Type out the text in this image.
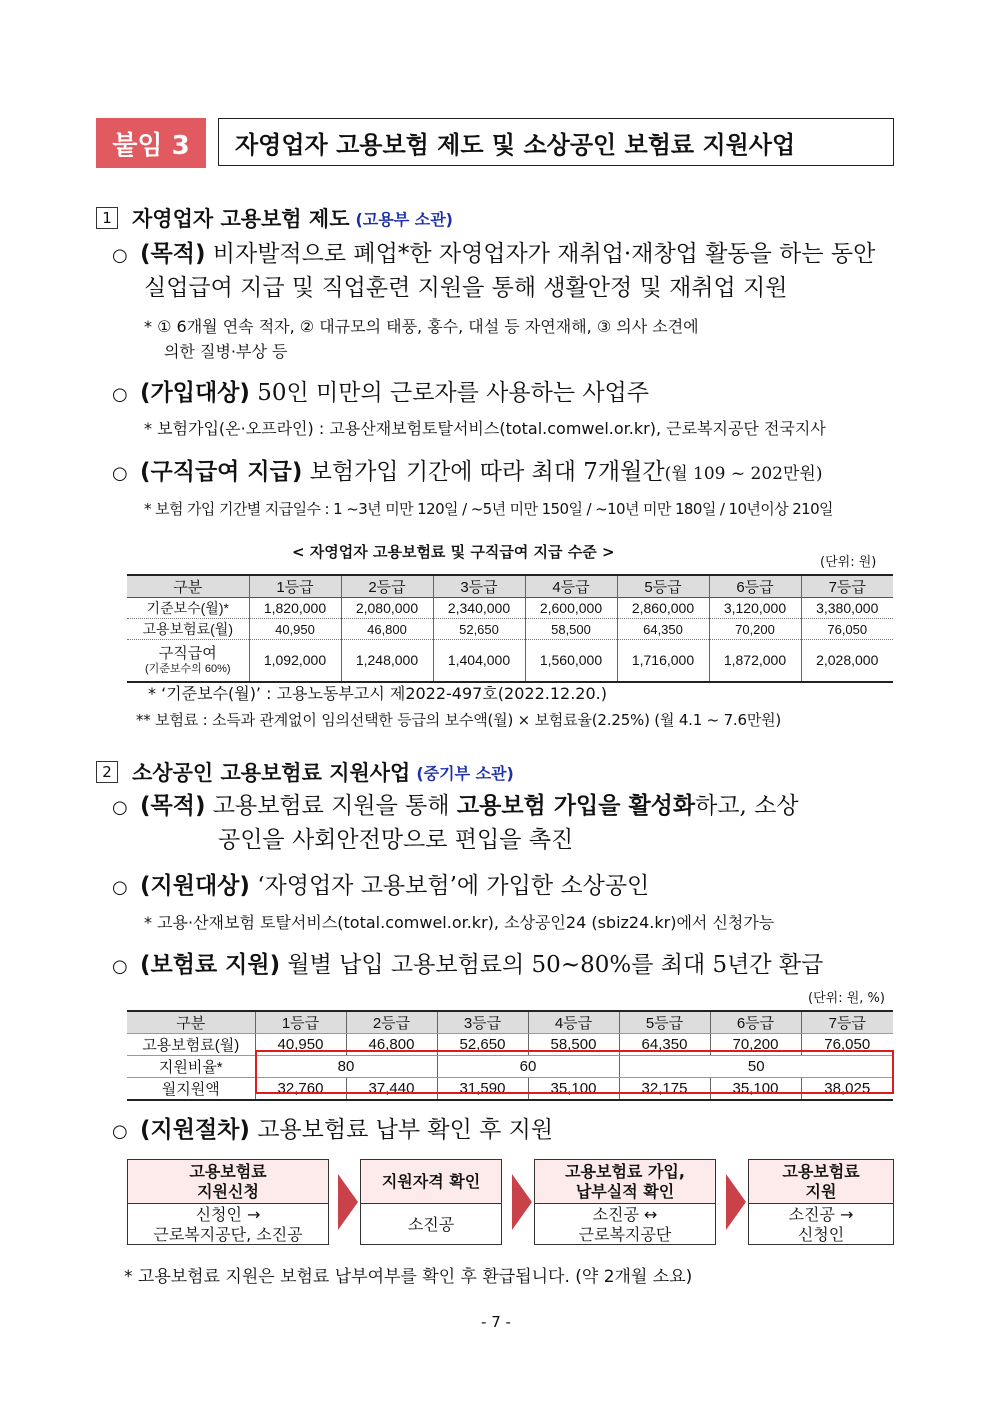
붙임 3	자영업자 고용보험 제도 및 소상공인 보험료 지원사업
1 자영업자 고용보험 제도 (고용부 소관)
○ (목적) 비자발적으로 폐업*한 자영업자가 재취업·재창업 활동을 하는 동안
실업급여 지급 및 직업훈련 지원을 통해 생활안정 및 재취업 지원
* ① 6개월 연속 적자, ② 대규모의 태풍, 홍수, 대설 등 자연재해, ③ 의사 소견에
의한 질병·부상 등
○ (가입대상) 50인 미만의 근로자를 사용하는 사업주
* 보험가입(온·오프라인) : 고용산재보험토탈서비스(total.comwel.or.kr), 근로복지공단 전국지사
○ (구직급여 지급) 보험가입 기간에 따라 최대 7개월간(월 109 ~ 202만원)
* 보험 가입 기간별 지급일수 : 1 ~3년 미만 120일 / ~5년 미만 150일 / ~10년 미만 180일 / 10년이상 210일
< 자영업자 고용보험료 및 구직급여 지급 수준 >
(단위: 원)
구분	1등급	2등급	3등급	4등급	5등급	6등급	7등급
기준보수(월)*	1,820,000	2,080,000	2,340,000	2,600,000	2,860,000	3,120,000	3,380,000
고용보험료(월)	40,950	46,800	52,650	58,500	64,350	70,200	76,050

구직급여
(기준보수의 60%)	1,092,000	1,248,000	1,404,000	1,560,000	1,716,000	1,872,000	2,028,000
* ‘기준보수(월)’ : 고용노동부고시 제2022-497호(2022.12.20.)
** 보험료 : 소득과 관계없이 임의선택한 등급의 보수액(월) × 보험료율(2.25%) (월 4.1 ~ 7.6만원)
2 소상공인 고용보험료 지원사업 (중기부 소관)
○ (목적) 고용보험료 지원을 통해 고용보험 가입을 활성화하고, 소상
공인을 사회안전망으로 편입을 촉진
○ (지원대상) ‘자영업자 고용보험’에 가입한 소상공인
* 고용·산재보험 토탈서비스(total.comwel.or.kr), 소상공인24 (sbiz24.kr)에서 신청가능
○ (보험료 지원) 월별 납입 고용보험료의 50~80%를 최대 5년간 환급
(단위: 원, %)
구분	1등급	2등급	3등급	4등급	5등급	6등급	7등급
고용보험료(월)	40,950	46,800	52,650	58,500	64,350	70,200	76,050
지원비율*	80		60		50		
월지원액	32,760	37,440	31,590	35,100	32,175	35,100	38,025
○ (지원절차) 고용보험료 납부 확인 후 지원
고용보험료
지원신청
신청인 →
근로복지공단, 소진공
지원자격 확인
소진공
고용보험료 가입,
납부실적 확인
소진공 ↔
근로복지공단
고용보험료
지원
소진공 →
신청인
* 고용보험료 지원은 보험료 납부여부를 확인 후 환급됩니다. (약 2개월 소요)
- 7 -
